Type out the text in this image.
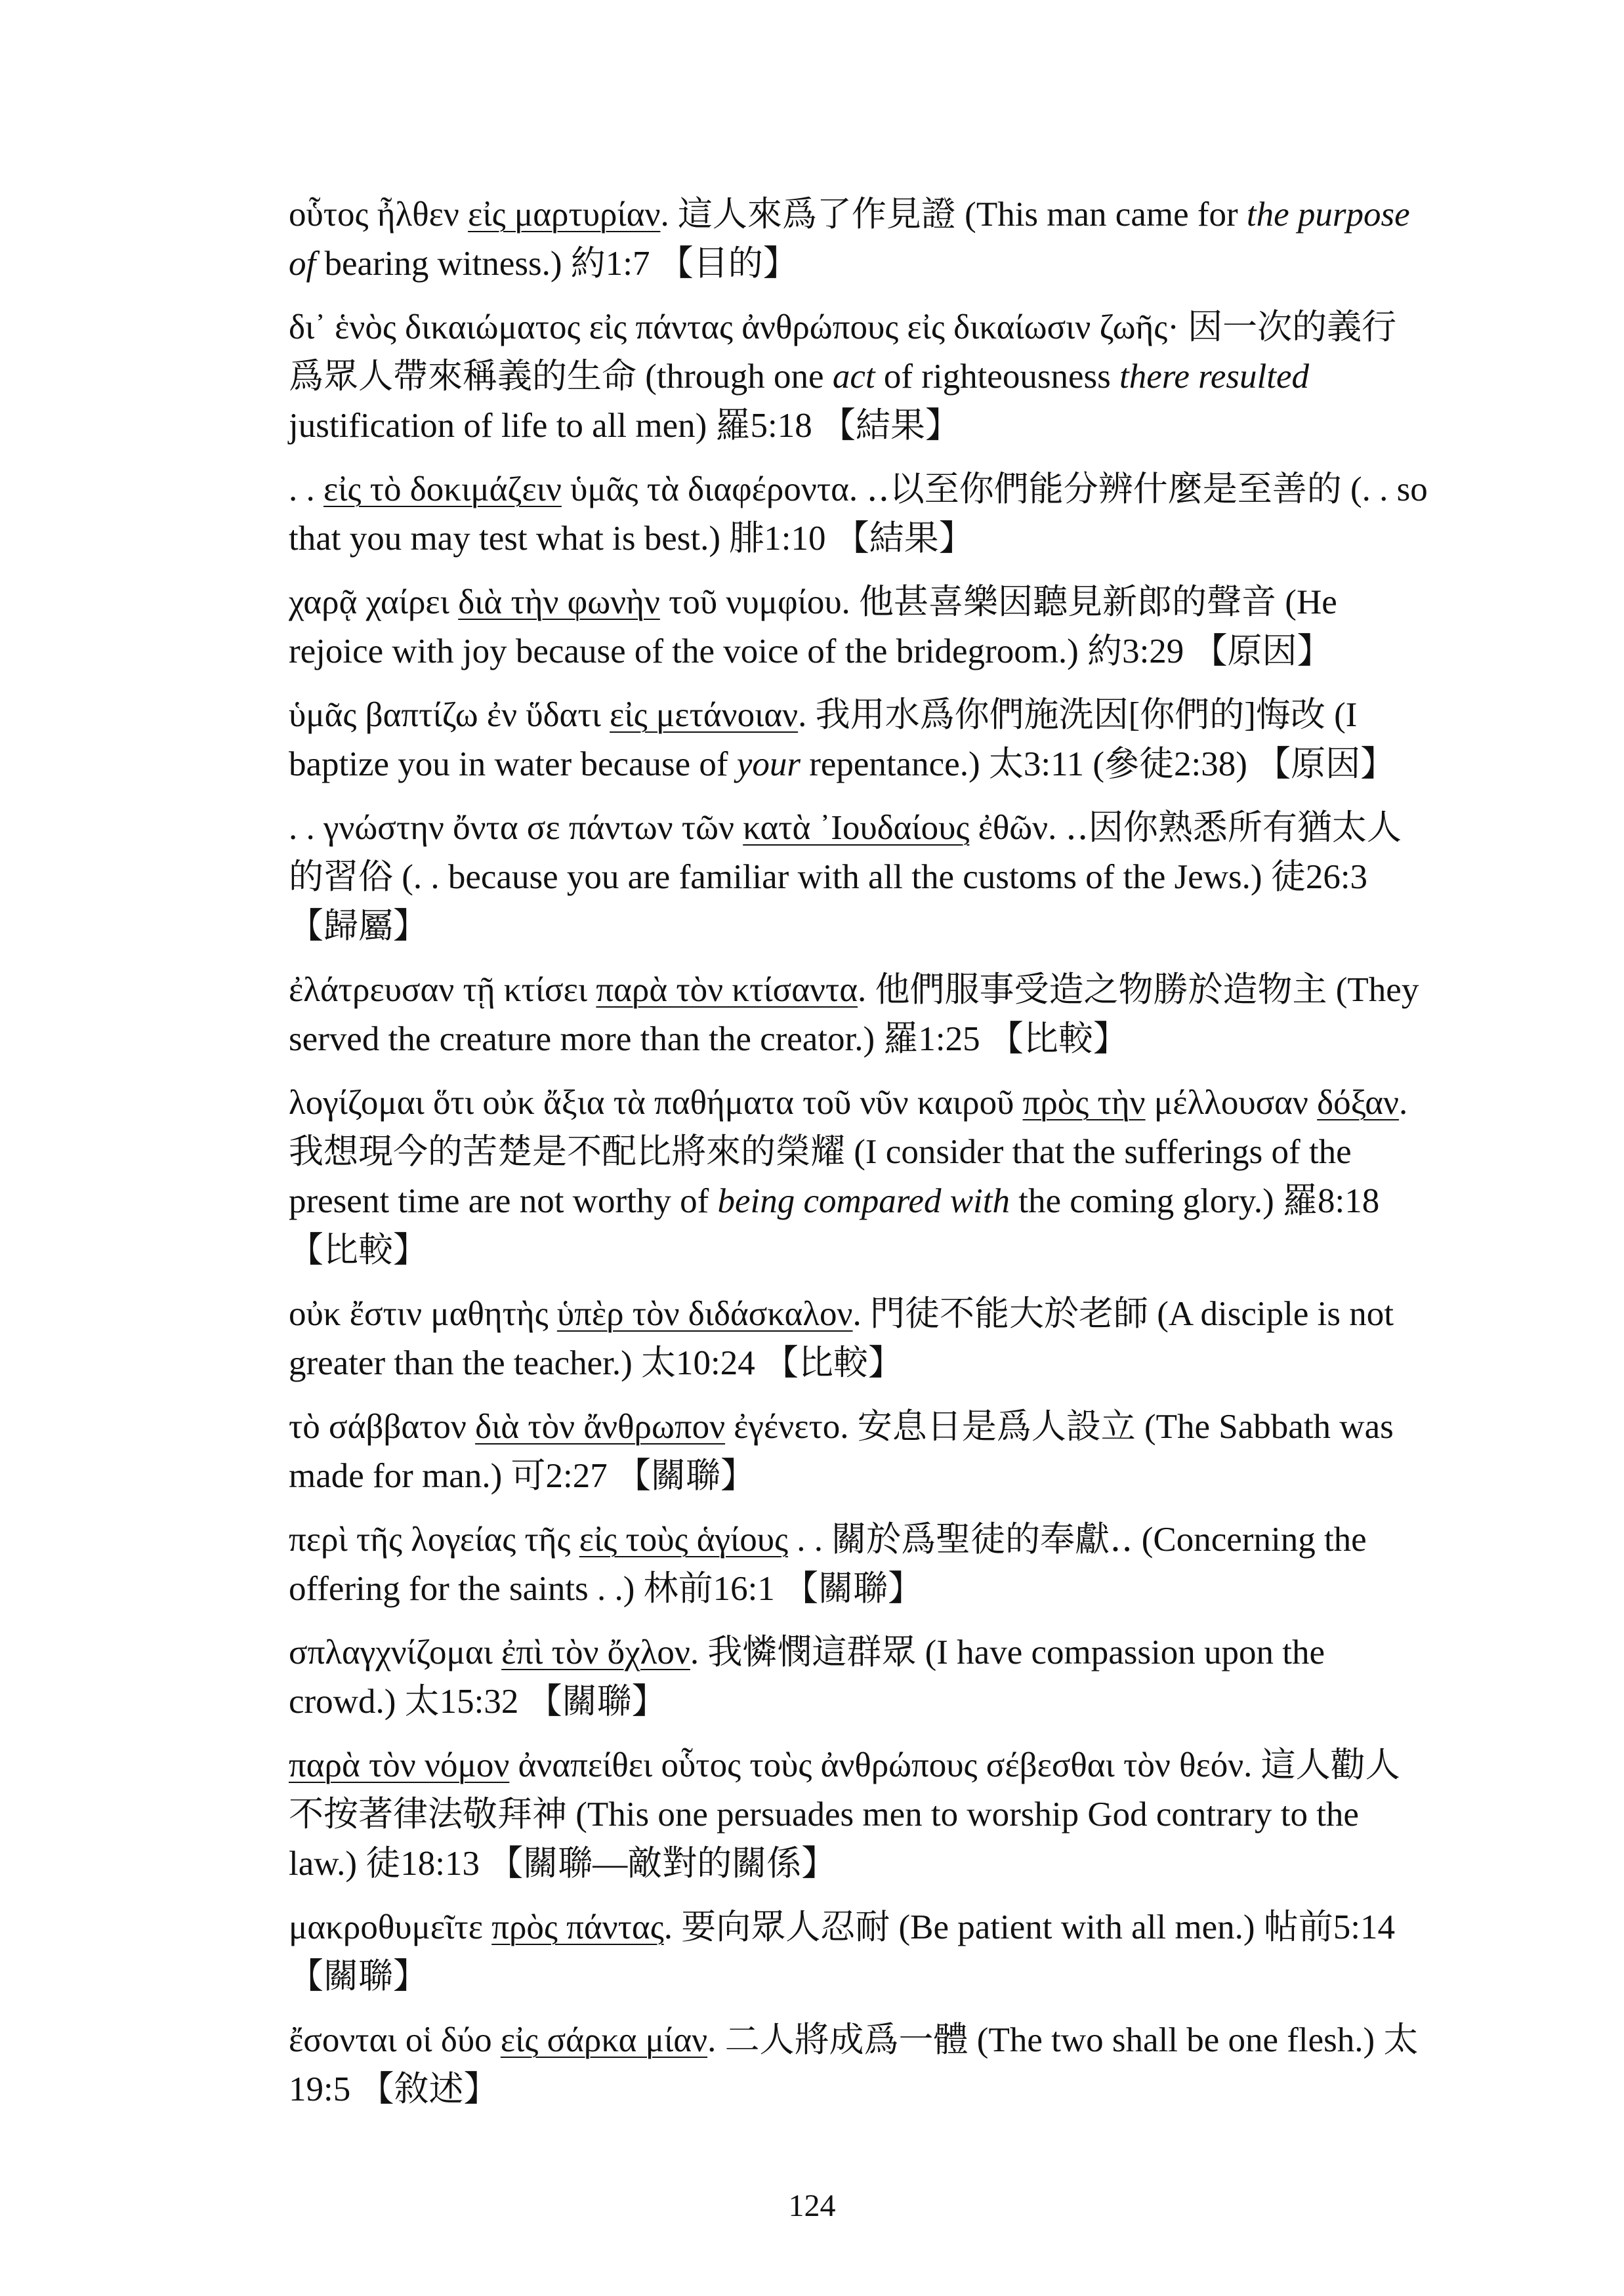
οὗτος ἦλθεν εἰς μαρτυρίαν. 這人來爲了作見證 (This man came for the purpose of bearing witness.) 約1:7 【目的】
δι᾿ ἑνὸς δικαιώματος εἰς πάντας ἀνθρώπους εἰς δικαίωσιν ζωῆς· 因一次的義行爲眾人帶來稱義的生命 (through one act of righteousness there resulted justification of life to all men) 羅5:18 【結果】
. . εἰς τὸ δοκιμάζειν ὑμᾶς τὰ διαφέροντα. ‥以至你們能分辨什麼是至善的 (. . so that you may test what is best.) 腓1:10 【結果】
χαρᾷ χαίρει διὰ τὴν φωνὴν τοῦ νυμφίου. 他甚喜樂因聽見新郎的聲音 (He rejoice with joy because of the voice of the bridegroom.) 約3:29 【原因】
ὑμᾶς βαπτίζω ἐν ὕδατι εἰς μετάνοιαν. 我用水爲你們施洗因[你們的]悔改 (I baptize you in water because of your repentance.) 太3:11 (參徒2:38) 【原因】
. . γνώστην ὄντα σε πάντων τῶν κατὰ ᾿Ιουδαίους ἐθῶν. ‥因你熟悉所有猶太人的習俗 (. . because you are familiar with all the customs of the Jews.) 徒26:3 【歸屬】
ἐλάτρευσαν τῇ κτίσει παρὰ τὸν κτίσαντα. 他們服事受造之物勝於造物主 (They served the creature more than the creator.) 羅1:25 【比較】
λογίζομαι ὅτι οὐκ ἄξια τὰ παθήματα τοῦ νῦν καιροῦ πρὸς τὴν μέλλουσαν δόξαν. 我想現今的苦楚是不配比將來的榮耀 (I consider that the sufferings of the present time are not worthy of being compared with the coming glory.) 羅8:18 【比較】
οὐκ ἔστιν μαθητὴς ὑπὲρ τὸν διδάσκαλον. 門徒不能大於老師 (A disciple is not greater than the teacher.) 太10:24 【比較】
τὸ σάββατον διὰ τὸν ἄνθρωπον ἐγένετο. 安息日是爲人設立 (The Sabbath was made for man.) 可2:27 【關聯】
περὶ τῆς λογείας τῆς εἰς τοὺς ἁγίους . . 關於爲聖徒的奉獻‥ (Concerning the offering for the saints . .) 林前16:1 【關聯】
σπλαγχνίζομαι ἐπὶ τὸν ὄχλον. 我憐憫這群眾 (I have compassion upon the crowd.) 太15:32 【關聯】
παρὰ τὸν νόμον ἀναπείθει οὗτος τοὺς ἀνθρώπους σέβεσθαι τὸν θεόν. 這人勸人不按著律法敬拜神 (This one persuades men to worship God contrary to the law.) 徒18:13 【關聯—敵對的關係】
μακροθυμεῖτε πρὸς πάντας. 要向眾人忍耐 (Be patient with all men.) 帖前5:14 【關聯】
ἔσονται οἱ δύο εἰς σάρκα μίαν. 二人將成爲一體 (The two shall be one flesh.) 太19:5 【敘述】
124
